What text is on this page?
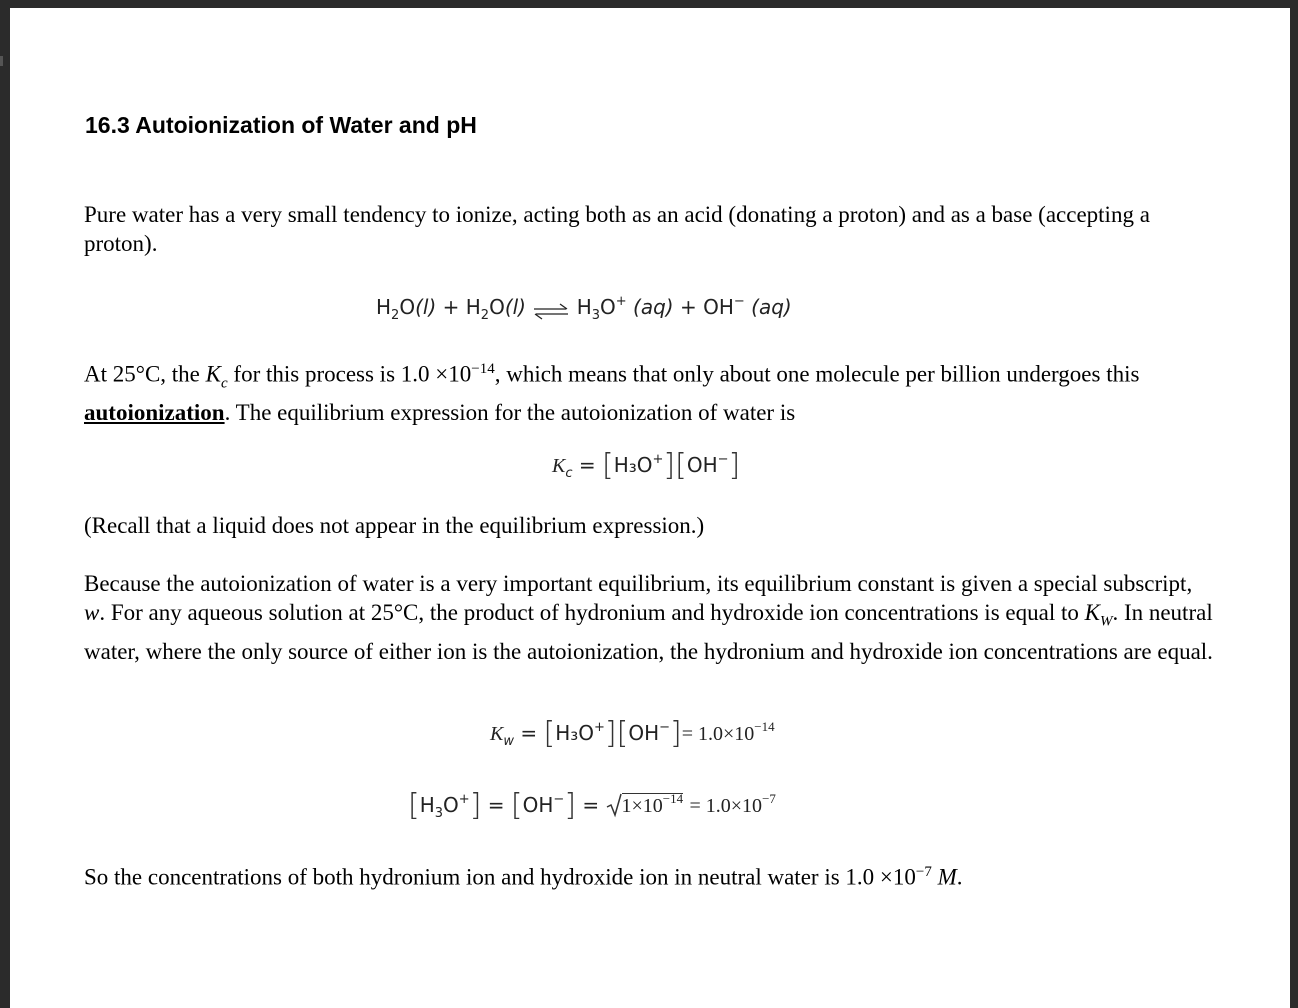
16.3 Autoionization of Water and pH

Pure water has a very small tendency to ionize, acting both as an acid (donating a proton) and as a base (accepting a proton).

$H_2O(l) + H_2O(l)$ ⇌ $H_3O^+$ (aq) + OH− (aq)

At 25°C, the $K_c$ for this process is $1.0 \times 10^{-14}$, which means that only about one molecule per billion undergoes this autoionization. The equilibrium expression for the autoionization of water is

$K_c = [H_3O^+][OH^-]$

(Recall that a liquid does not appear in the equilibrium expression.)

Because the autoionization of water is a very important equilibrium, its equilibrium constant is given a special subscript, w. For any aqueous solution at 25°C, the product of hydronium and hydroxide ion concentrations is equal to $K_W$. In neutral water, where the only source of either ion is the autoionization, the hydronium and hydroxide ion concentrations are equal.

$K_w = [H_3O^+][OH^-]= 1.0\times 10^{-14}$
$[H_3O^+] = [OH^-] = 1\times 10^{-14} = 1.0\times 10^{-7}$

So the concentrations of both hydronium ion and hydroxide ion in neutral water is $1.0 \times 10^{-7}$ M.
